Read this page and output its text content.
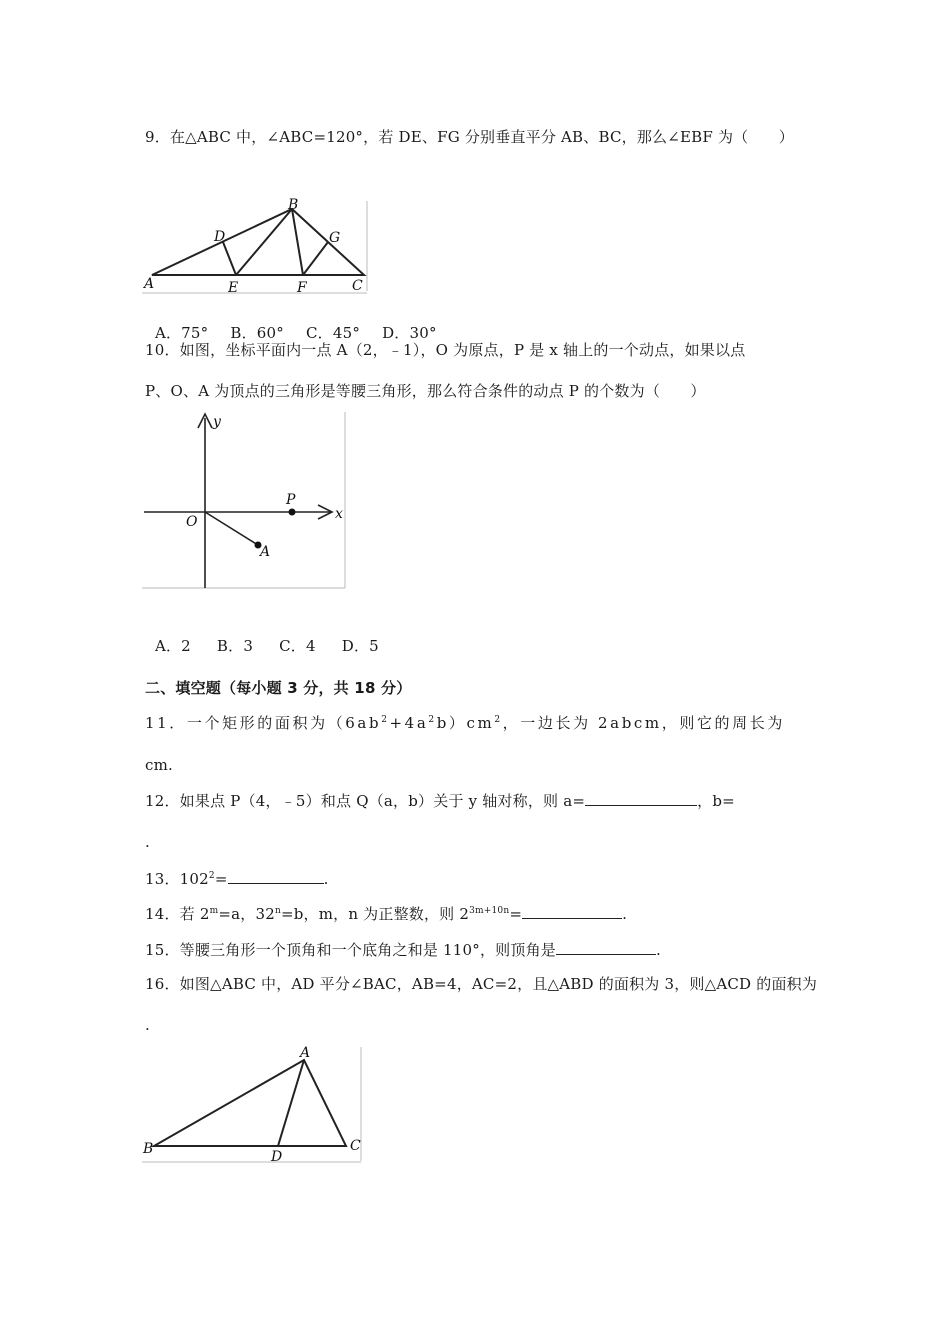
9．在△ABC 中，∠ABC=120°，若 DE、FG 分别垂直平分 AB、BC，那么∠EBF 为（　　）
A
B
C
D
E	F
G

A．75° B．60° C．45° D．30°

10．如图，坐标平面内一点 A（2，﹣1），O 为原点，P 是 x 轴上的一个动点，如果以点
P、O、A 为顶点的三角形是等腰三角形，那么符合条件的动点 P 的个数为（　　）
y
x
O
P
A

A．2 B．3 C．4 D．5

二、填空题（每小题 3 分，共 18 分）
11．一个矩形的面积为$(6ab^2+4a^2b)cm^2$，一边长为 2abcm，则它的周长为
cm.
12．如果点 P（4，﹣5）和点 Q（a，b）关于 y 轴对称，则 a=	，b=
.
13．$102^2=$	.
14．若 $2^m=a$，$32^n=b$，m，n 为正整数，则 $2^{3m+10n}=$	.
15．等腰三角形一个顶角和一个底角之和是 110°，则顶角是	.
16．如图△ABC 中，AD 平分∠BAC，AB=4，AC=2，且△ABD 的面积为 3，则△ACD 的面积为
.
A
B	C
D
